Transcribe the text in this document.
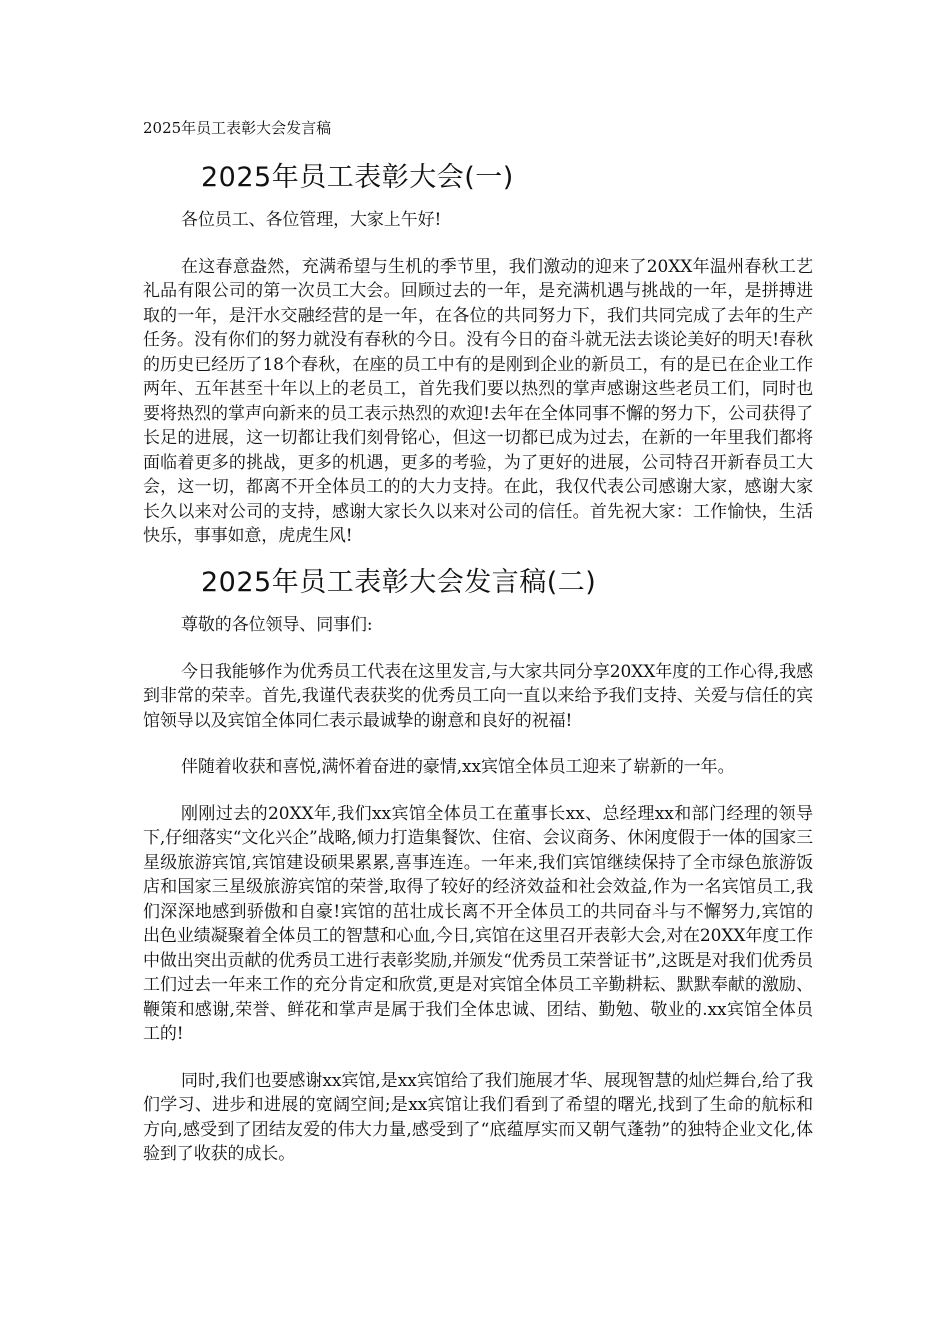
2025年员工表彰大会发言稿
2025年员工表彰大会(一)

各位员工、各位管理，大家上午好!

在这春意盎然，充满希望与生机的季节里，我们激动的迎来了20XX年温州春秋工艺礼品有限公司的第一次员工大会。回顾过去的一年，是充满机遇与挑战的一年，是拼搏进取的一年，是汗水交融经营的是一年，在各位的共同努力下，我们共同完成了去年的生产任务。没有你们的努力就没有春秋的今日。没有今日的奋斗就无法去谈论美好的明天!春秋的历史已经历了18个春秋，在座的员工中有的是刚到企业的新员工，有的是已在企业工作两年、五年甚至十年以上的老员工，首先我们要以热烈的掌声感谢这些老员工们，同时也要将热烈的掌声向新来的员工表示热烈的欢迎!去年在全体同事不懈的努力下，公司获得了长足的进展，这一切都让我们刻骨铭心，但这一切都已成为过去，在新的一年里我们都将面临着更多的挑战，更多的机遇，更多的考验，为了更好的进展，公司特召开新春员工大会，这一切，都离不开全体员工的的大力支持。在此，我仅代表公司感谢大家，感谢大家长久以来对公司的支持，感谢大家长久以来对公司的信任。首先祝大家：工作愉快，生活快乐，事事如意，虎虎生风!

2025年员工表彰大会发言稿(二)

尊敬的各位领导、同事们:

今日我能够作为优秀员工代表在这里发言,与大家共同分享20XX年度的工作心得,我感到非常的荣幸。首先,我谨代表获奖的优秀员工向一直以来给予我们支持、关爱与信任的宾馆领导以及宾馆全体同仁表示最诚挚的谢意和良好的祝福!

伴随着收获和喜悦,满怀着奋进的豪情,xx宾馆全体员工迎来了崭新的一年。

刚刚过去的20XX年,我们xx宾馆全体员工在董事长xx、总经理xx和部门经理的领导下,仔细落实“文化兴企”战略,倾力打造集餐饮、住宿、会议商务、休闲度假于一体的国家三星级旅游宾馆,宾馆建设硕果累累,喜事连连。一年来,我们宾馆继续保持了全市绿色旅游饭店和国家三星级旅游宾馆的荣誉,取得了较好的经济效益和社会效益,作为一名宾馆员工,我们深深地感到骄傲和自豪!宾馆的茁壮成长离不开全体员工的共同奋斗与不懈努力,宾馆的出色业绩凝聚着全体员工的智慧和心血,今日,宾馆在这里召开表彰大会,对在20XX年度工作中做出突出贡献的优秀员工进行表彰奖励,并颁发“优秀员工荣誉证书”,这既是对我们优秀员工们过去一年来工作的充分肯定和欣赏,更是对宾馆全体员工辛勤耕耘、默默奉献的激励、鞭策和感谢,荣誉、鲜花和掌声是属于我们全体忠诚、团结、勤勉、敬业的.xx宾馆全体员工的!

同时,我们也要感谢xx宾馆,是xx宾馆给了我们施展才华、展现智慧的灿烂舞台,给了我们学习、进步和进展的宽阔空间;是xx宾馆让我们看到了希望的曙光,找到了生命的航标和方向,感受到了团结友爱的伟大力量,感受到了“底蕴厚实而又朝气蓬勃”的独特企业文化,体验到了收获的成长。
